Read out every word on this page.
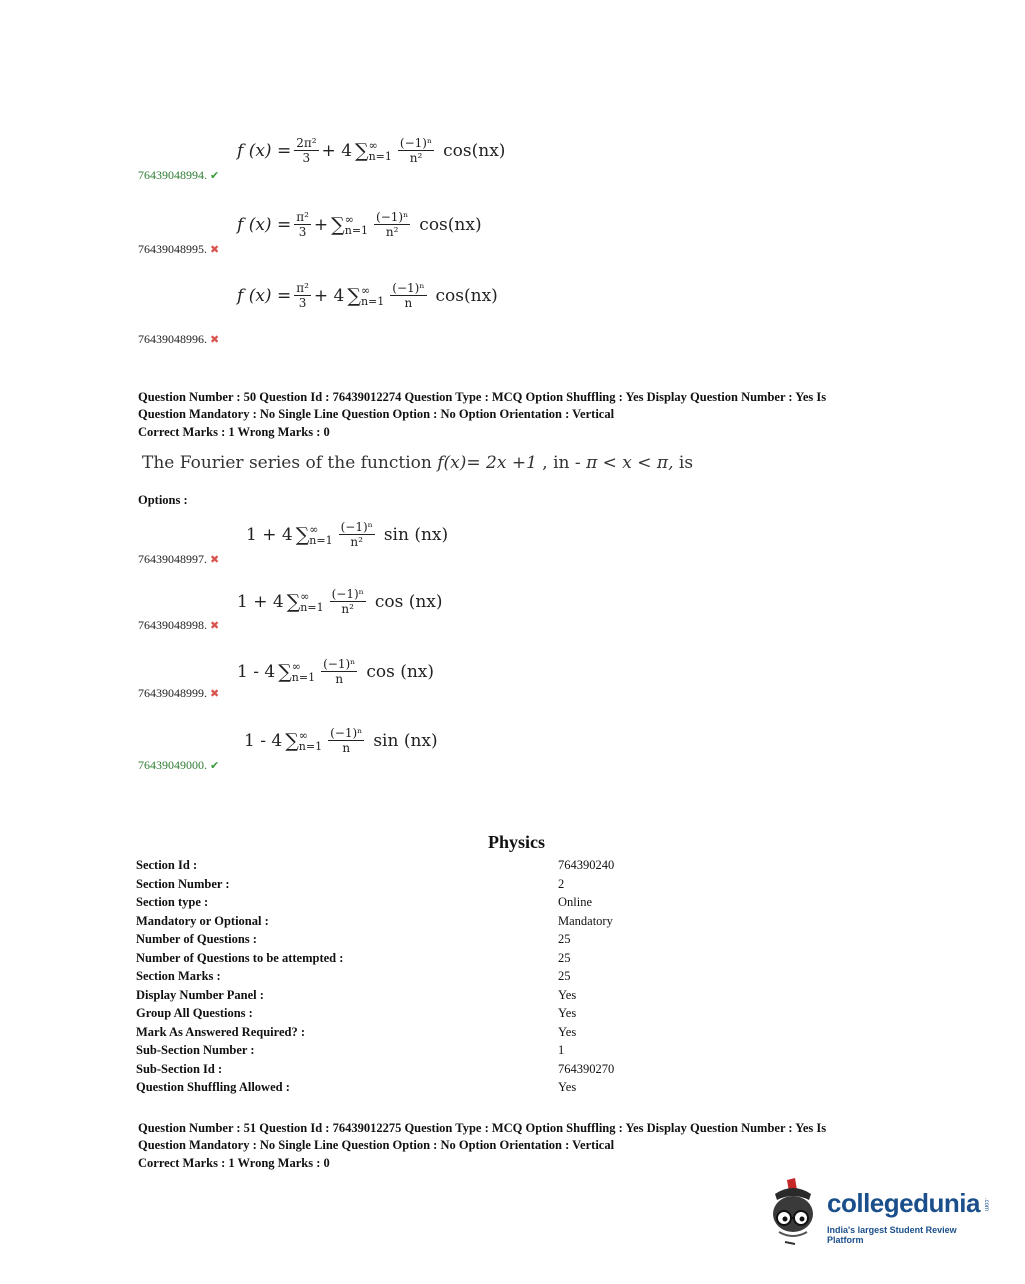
f $(x) = \frac{\text{2π²}}{3} + 4$ ∑ ∞
$n=1 \frac{\text{(−1)ⁿ}}{\text{n²}} \cos(nx)$
76439048994. ✔
f $(x) = \frac{\text{π²}}{3}$ + ∑ ∞
$n=1 \frac{\text{(−1)ⁿ}}{\text{n²}} \cos(nx)$
76439048995. ✖
f $(x) = \frac{\text{π²}}{3} + 4$ ∑ ∞
$n=1 \frac{\text{(−1)ⁿ}}{n} \cos(nx)$
76439048996. ✖
Question Number : 50 Question Id : 76439012274 Question Type : MCQ Option Shuffling : Yes Display Question Number : Yes Is
Question Mandatory : No Single Line Question Option : No Option Orientation : Vertical
Correct Marks : 1 Wrong Marks : 0
The Fourier series of the function f(x)= 2x +1 , in - π < x < π, is
Options :
1 + 4 ∑ ∞
$n=1 \frac{\text{(−1)ⁿ}}{\text{n²}}$ sin (nx)
76439048997. ✖
1 + 4 ∑ ∞
$n=1 \frac{\text{(−1)ⁿ}}{\text{n²}}$ cos (nx)
76439048998. ✖
1 - 4 ∑ ∞
$n=1 \frac{\text{(−1)ⁿ}}{n}$ cos (nx)
76439048999. ✖
1 - 4 ∑ ∞
$n=1 \frac{\text{(−1)ⁿ}}{n}$ sin (nx)
76439049000. ✔
Physics
Section Id :	764390240
Section Number :	2
Section type :	Online
Mandatory or Optional :	Mandatory
Number of Questions :	25
Number of Questions to be attempted :	25
Section Marks :	25
Display Number Panel :	Yes
Group All Questions :	Yes
Mark As Answered Required? :	Yes
Sub-Section Number :	1
Sub-Section Id :	764390270
Question Shuffling Allowed :	Yes
Question Number : 51 Question Id : 76439012275 Question Type : MCQ Option Shuffling : Yes Display Question Number : Yes Is
Question Mandatory : No Single Line Question Option : No Option Orientation : Vertical
Correct Marks : 1 Wrong Marks : 0
collegedunia .com
India's largest Student Review Platform
